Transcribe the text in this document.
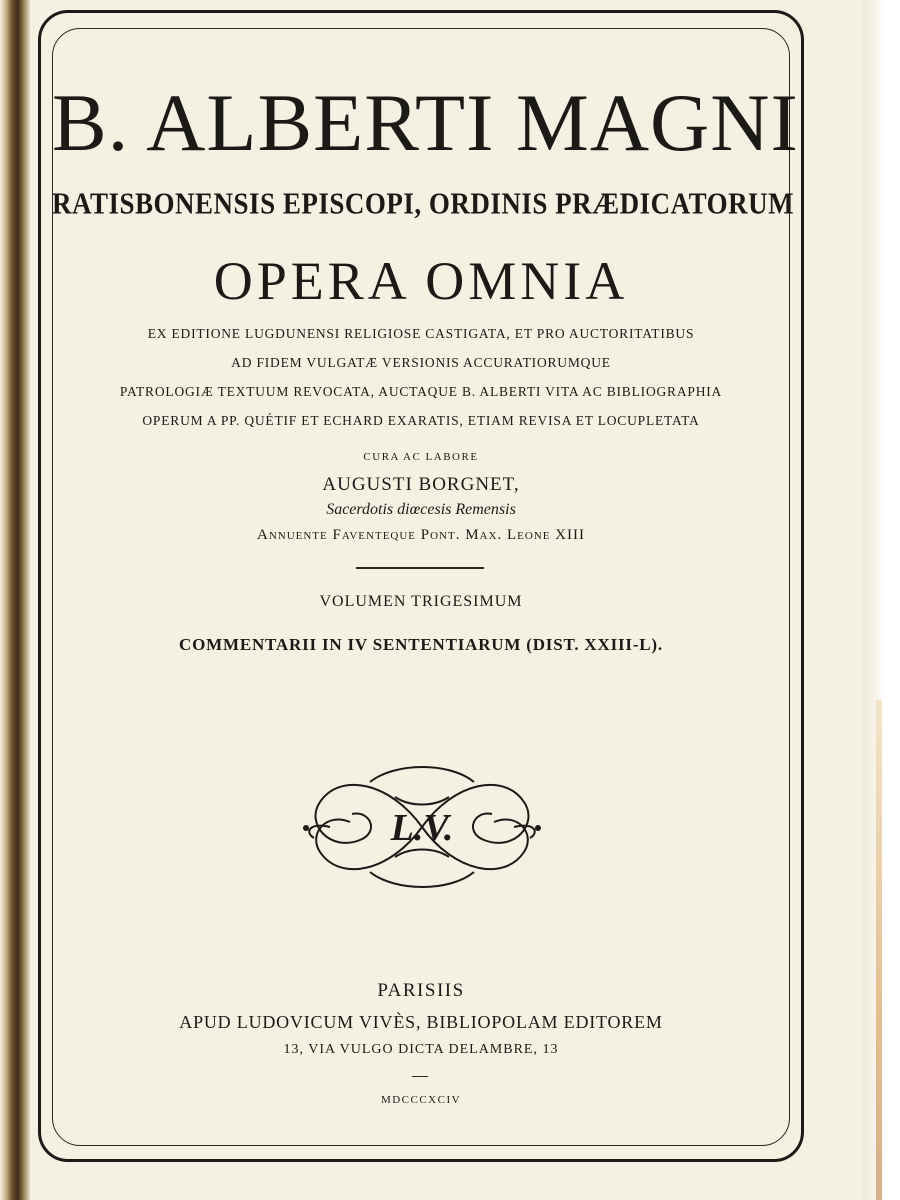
B. ALBERTI MAGNI
RATISBONENSIS EPISCOPI, ORDINIS PRÆDICATORUM
OPERA OMNIA
EX EDITIONE LUGDUNENSI RELIGIOSE CASTIGATA, ET PRO AUCTORITATIBUS
AD FIDEM VULGATÆ VERSIONIS ACCURATIORUMQUE
PATROLOGIÆ TEXTUUM REVOCATA, AUCTAQUE B. ALBERTI VITA AC BIBLIOGRAPHIA
OPERUM A PP. QUÉTIF ET ECHARD EXARATIS, ETIAM REVISA ET LOCUPLETATA
CURA AC LABORE
AUGUSTI BORGNET,
Sacerdotis diœcesis Remensis
Annuente Faventeque Pont. Max. Leone XIII
VOLUMEN TRIGESIMUM
COMMENTARII IN IV SENTENTIARUM (DIST. XXIII-L).
L.V.
PARISIIS
APUD LUDOVICUM VIVÈS, BIBLIOPOLAM EDITOREM
13, VIA VULGO DICTA DELAMBRE, 13
MDCCCXCIV
